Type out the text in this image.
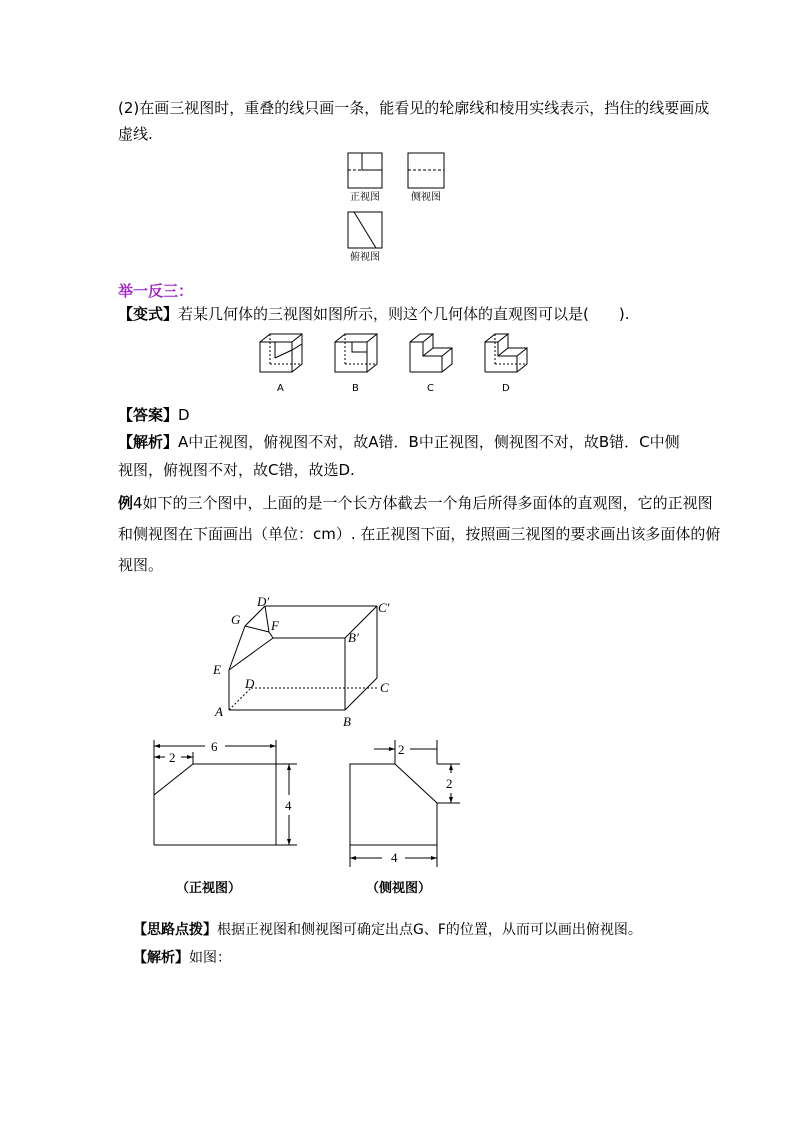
(2)在画三视图时，重叠的线只画一条，能看见的轮廓线和棱用实线表示，挡住的线要画成
虚线.
正视图	侧视图
俯视图
举一反三：
【变式】若某几何体的三视图如图所示，则这个几何体的直观图可以是(　　).
A	B	C	D
【答案】D
【解析】A中正视图，俯视图不对，故A错．B中正视图，侧视图不对，故B错．C中侧
视图，俯视图不对，故C错，故选D.
例4如下的三个图中，上面的是一个长方体截去一个角后所得多面体的直观图，它的正视图
和侧视图在下面画出（单位：cm）. 在正视图下面，按照画三视图的要求画出该多面体的俯
视图。
G
D′	C′
F
B′
E
D	C
A
B
2
6
4
2
2
4
（正视图）	（侧视图）
【思路点拨】根据正视图和侧视图可确定出点G、F的位置，从而可以画出俯视图。
【解析】如图：
